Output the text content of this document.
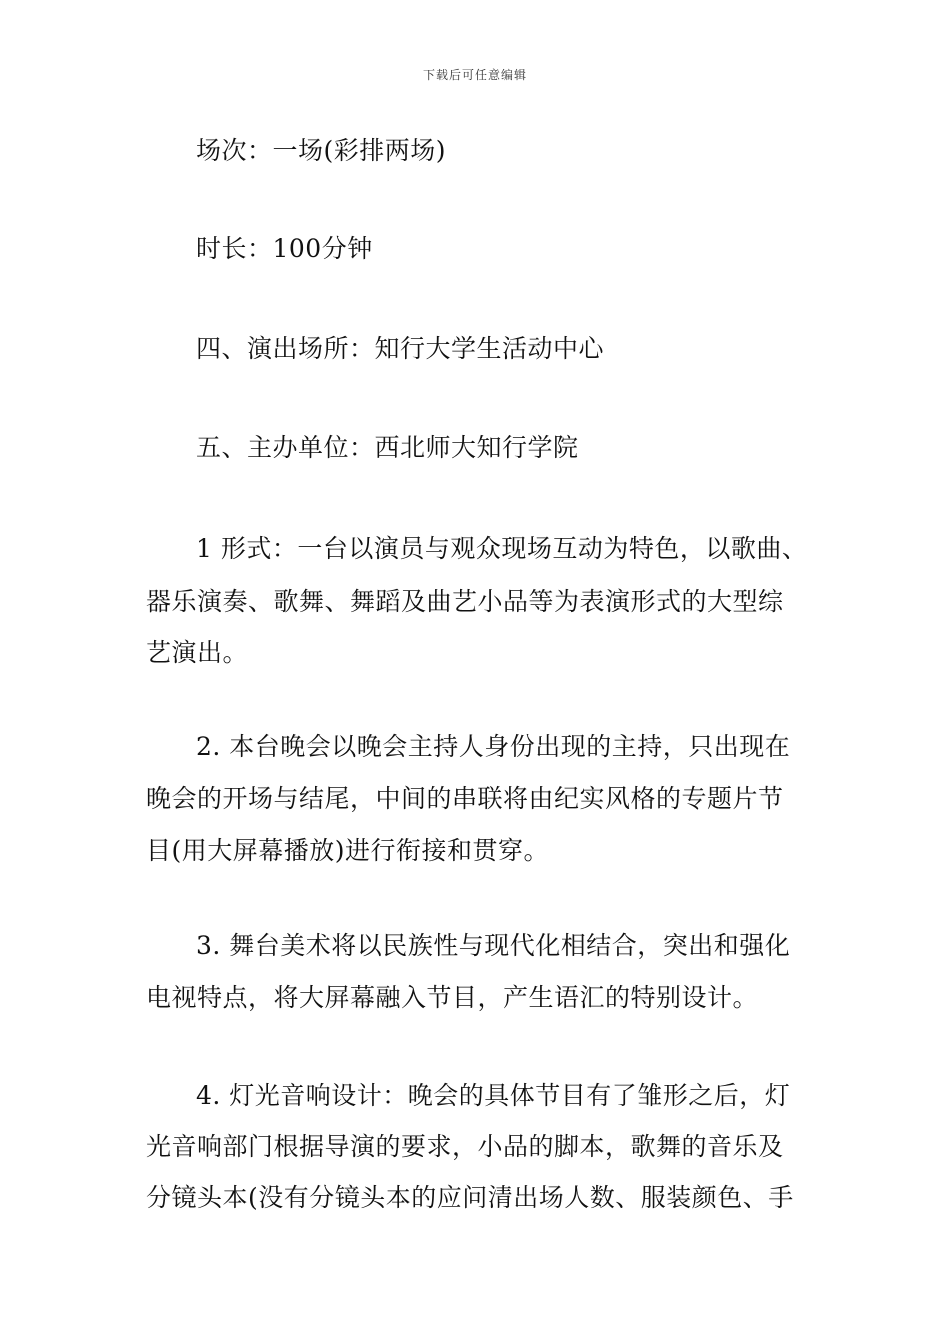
下载后可任意编辑
场次：一场(彩排两场)
时长：100分钟
四、演出场所：知行大学生活动中心
五、主办单位：西北师大知行学院
1 形式：一台以演员与观众现场互动为特色，以歌曲、
器乐演奏、歌舞、舞蹈及曲艺小品等为表演形式的大型综
艺演出。
2. 本台晚会以晚会主持人身份出现的主持，只出现在
晚会的开场与结尾，中间的串联将由纪实风格的专题片节
目(用大屏幕播放)进行衔接和贯穿。
3. 舞台美术将以民族性与现代化相结合，突出和强化
电视特点，将大屏幕融入节目，产生语汇的特别设计。
4. 灯光音响设计：晚会的具体节目有了雏形之后，灯
光音响部门根据导演的要求，小品的脚本，歌舞的音乐及
分镜头本(没有分镜头本的应问清出场人数、服装颜色、手
